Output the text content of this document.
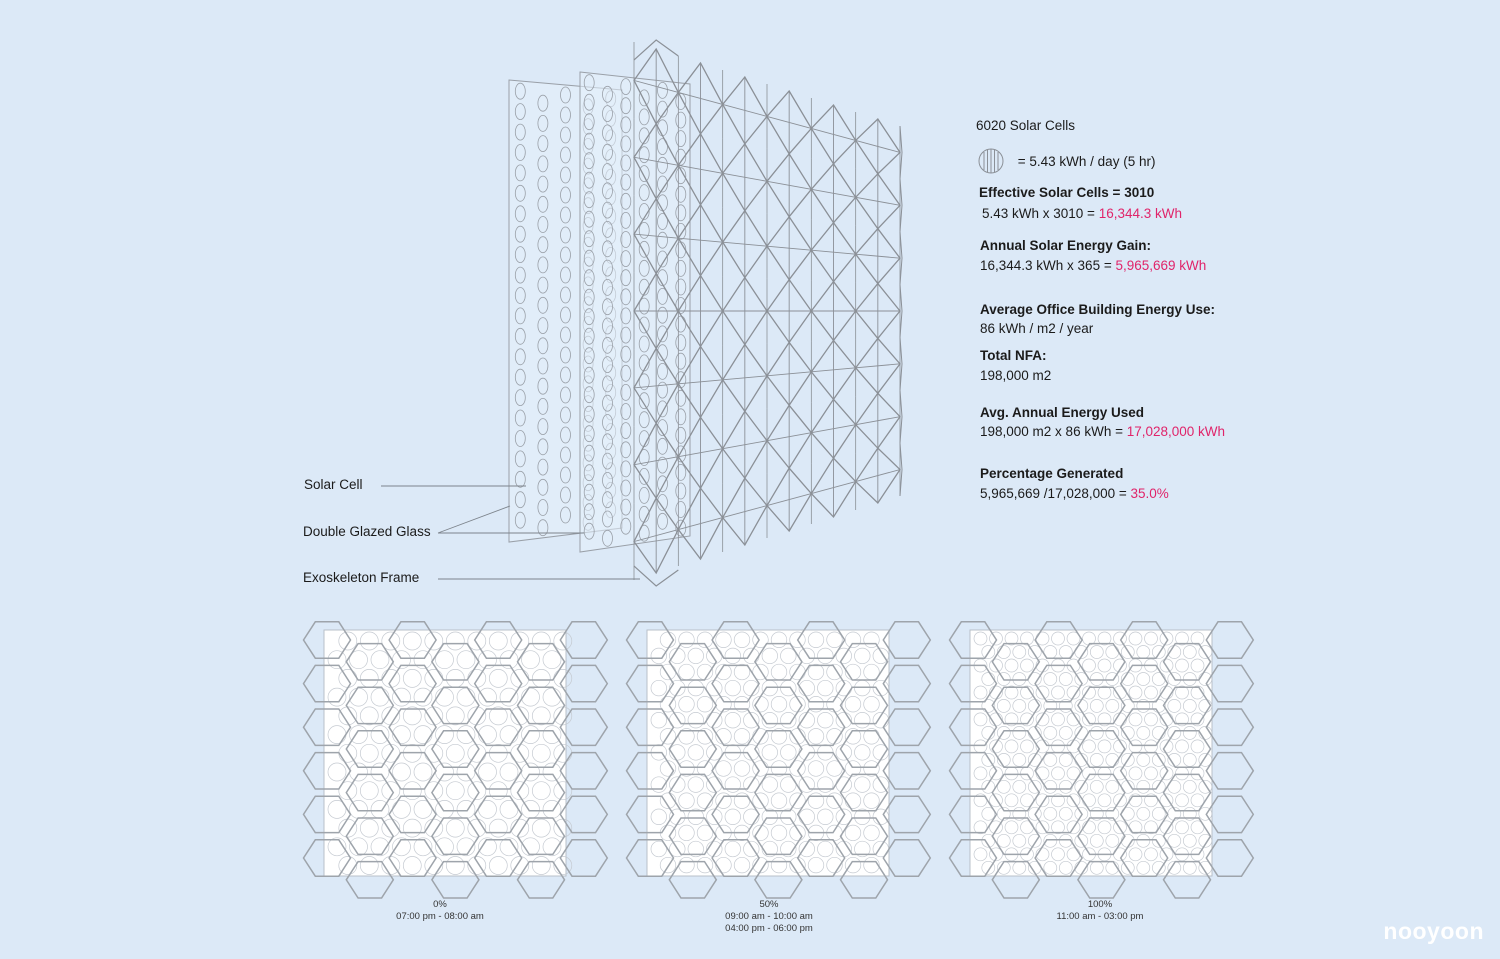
6020 Solar Cells
= 5.43 kWh / day (5 hr)
Effective Solar Cells = 3010
5.43 kWh x 3010 = 16,344.3 kWh
Annual Solar Energy Gain:
16,344.3 kWh x 365 = 5,965,669 kWh
Average Office Building Energy Use:
86 kWh / m2 / year
Total NFA:
198,000 m2
Avg. Annual Energy Used
198,000 m2 x 86 kWh = 17,028,000 kWh
Percentage Generated
5,965,669 /17,028,000 = 35.0%
Solar Cell
Double Glazed Glass
Exoskeleton Frame
0%
07:00 pm - 08:00 am
50%
09:00 am - 10:00 am
04:00 pm - 06:00 pm
100%
11:00 am - 03:00 pm
nooyoon
